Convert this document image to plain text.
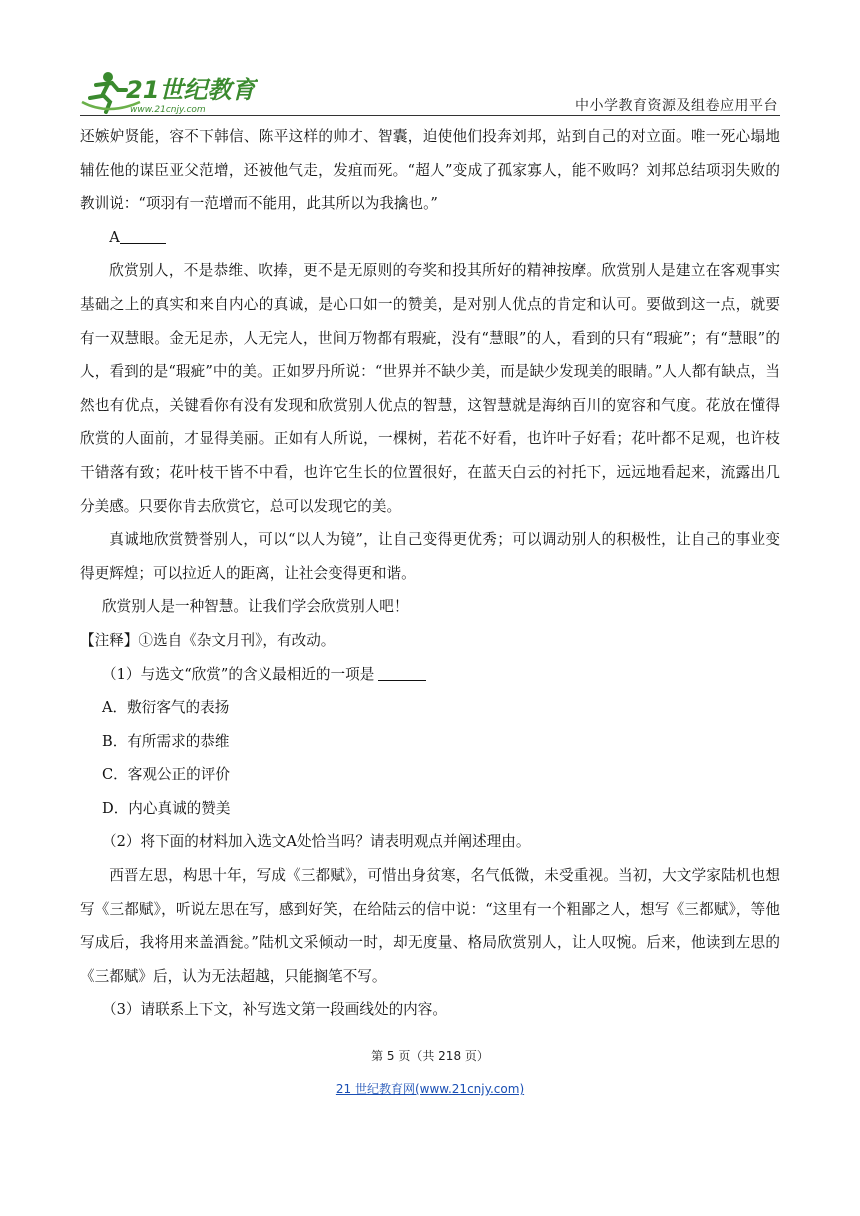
21世纪教育
www.21cnjy.com	中小学教育资源及组卷应用平台

还嫉妒贤能，容不下韩信、陈平这样的帅才、智囊，迫使他们投奔刘邦，站到自己的对立面。唯一死心塌地辅佐他的谋臣亚父范增，还被他气走，发疽而死。“超人”变成了孤家寡人，能不败吗？刘邦总结项羽失败的教训说：“项羽有一范增而不能用，此其所以为我擒也。”

A

欣赏别人，不是恭维、吹捧，更不是无原则的夸奖和投其所好的精神按摩。欣赏别人是建立在客观事实基础之上的真实和来自内心的真诚，是心口如一的赞美，是对别人优点的肯定和认可。要做到这一点，就要有一双慧眼。金无足赤，人无完人，世间万物都有瑕疵，没有“慧眼”的人，看到的只有“瑕疵”；有“慧眼”的人，看到的是“瑕疵”中的美。正如罗丹所说：“世界并不缺少美，而是缺少发现美的眼睛。”人人都有缺点，当然也有优点，关键看你有没有发现和欣赏别人优点的智慧，这智慧就是海纳百川的宽容和气度。花放在懂得欣赏的人面前，才显得美丽。正如有人所说，一棵树，若花不好看，也许叶子好看；花叶都不足观，也许枝干错落有致；花叶枝干皆不中看，也许它生长的位置很好，在蓝天白云的衬托下，远远地看起来，流露出几分美感。只要你肯去欣赏它，总可以发现它的美。

真诚地欣赏赞誉别人，可以“以人为镜”，让自己变得更优秀；可以调动别人的积极性，让自己的事业变得更辉煌；可以拉近人的距离，让社会变得更和谐。

欣赏别人是一种智慧。让我们学会欣赏别人吧！

【注释】①选自《杂文月刊》，有改动。

（1）与选文“欣赏”的含义最相近的一项是

A．敷衍客气的表扬

B．有所需求的恭维

C．客观公正的评价

D．内心真诚的赞美

（2）将下面的材料加入选文A处恰当吗？请表明观点并阐述理由。

西晋左思，构思十年，写成《三都赋》，可惜出身贫寒，名气低微，未受重视。当初，大文学家陆机也想写《三都赋》，听说左思在写，感到好笑，在给陆云的信中说：“这里有一个粗鄙之人，想写《三都赋》，等他写成后，我将用来盖酒瓮。”陆机文采倾动一时，却无度量、格局欣赏别人，让人叹惋。后来，他读到左思的《三都赋》后，认为无法超越，只能搁笔不写。

（3）请联系上下文，补写选文第一段画线处的内容。

第 5 页（共 218 页）
21 世纪教育网(www.21cnjy.com)
